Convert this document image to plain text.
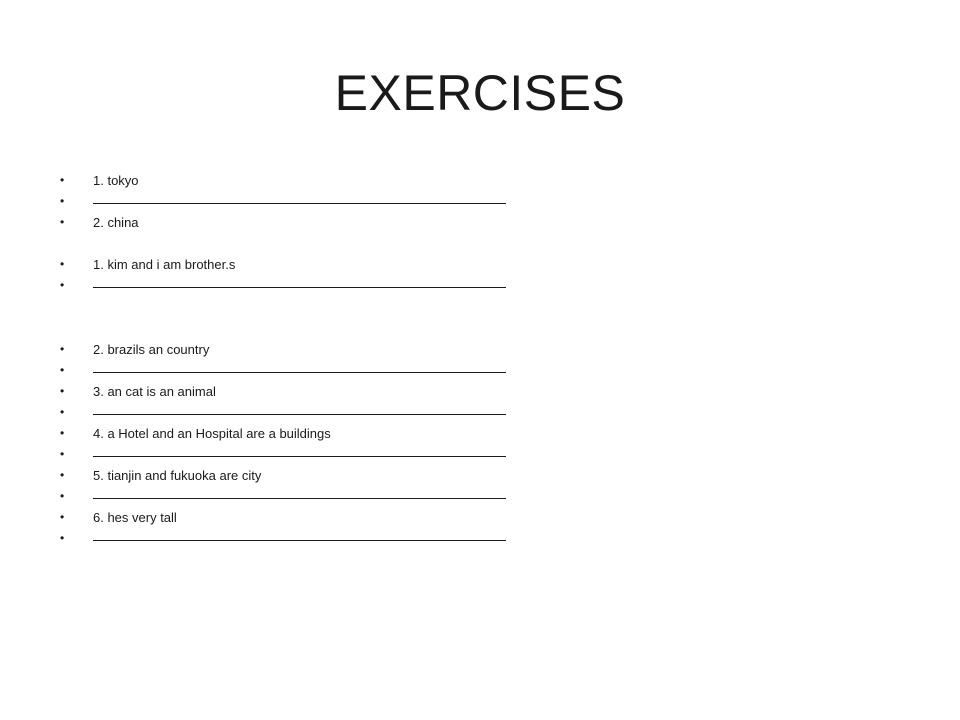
EXERCISES
• 1. tokyo
•
• 2. china
• 1. kim and i am brother.s
•
• 2. brazils an country
•
• 3. an cat is an animal
•
• 4. a Hotel and an Hospital are a buildings
•
• 5. tianjin and fukuoka are city
•
• 6. hes very tall
•
